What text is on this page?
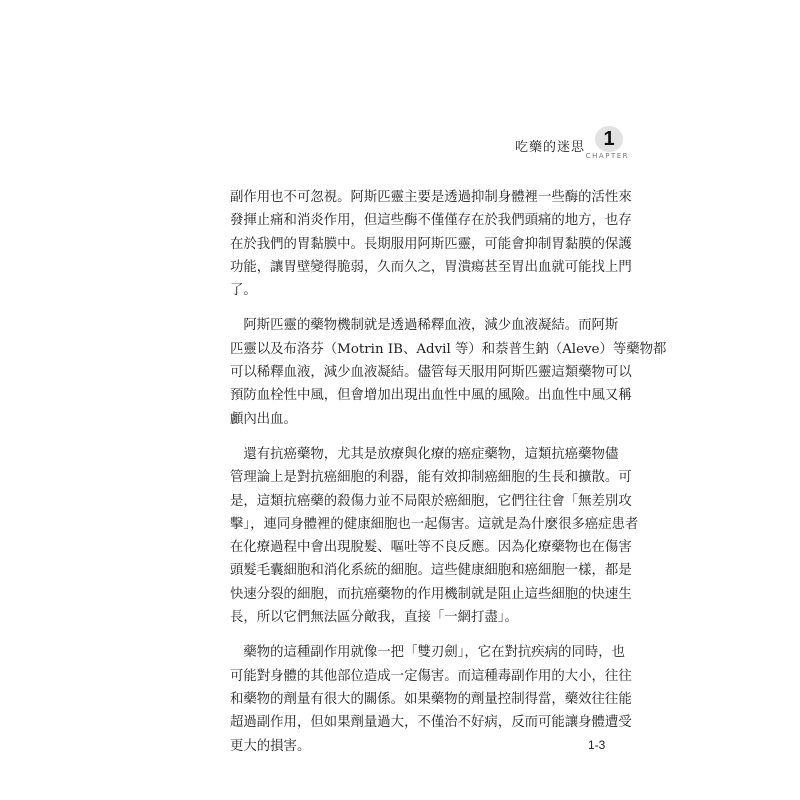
吃藥的迷思 1
CHAPTER
副作用也不可忽視。阿斯匹靈主要是透過抑制身體裡一些酶的活性來
發揮止痛和消炎作用，但這些酶不僅僅存在於我們頭痛的地方，也存
在於我們的胃黏膜中。長期服用阿斯匹靈，可能會抑制胃黏膜的保護
功能，讓胃壁變得脆弱，久而久之，胃潰瘍甚至胃出血就可能找上門
了。
　阿斯匹靈的藥物機制就是透過稀釋血液，減少血液凝結。而阿斯
匹靈以及布洛芬（Motrin IB、Advil 等）和萘普生鈉（Aleve）等藥物都
可以稀釋血液，減少血液凝結。儘管每天服用阿斯匹靈這類藥物可以
預防血栓性中風，但會增加出現出血性中風的風險。出血性中風又稱
顱內出血。
　還有抗癌藥物，尤其是放療與化療的癌症藥物，這類抗癌藥物儘
管理論上是對抗癌細胞的利器，能有效抑制癌細胞的生長和擴散。可
是，這類抗癌藥的殺傷力並不局限於癌細胞，它們往往會「無差別攻
擊」，連同身體裡的健康細胞也一起傷害。這就是為什麼很多癌症患者
在化療過程中會出現脫髮、嘔吐等不良反應。因為化療藥物也在傷害
頭髮毛囊細胞和消化系統的細胞。這些健康細胞和癌細胞一樣，都是
快速分裂的細胞，而抗癌藥物的作用機制就是阻止這些細胞的快速生
長，所以它們無法區分敵我，直接「一網打盡」。
　藥物的這種副作用就像一把「雙刃劍」，它在對抗疾病的同時，也
可能對身體的其他部位造成一定傷害。而這種毒副作用的大小，往往
和藥物的劑量有很大的關係。如果藥物的劑量控制得當，藥效往往能
超過副作用，但如果劑量過大，不僅治不好病，反而可能讓身體遭受
更大的損害。	1-3
